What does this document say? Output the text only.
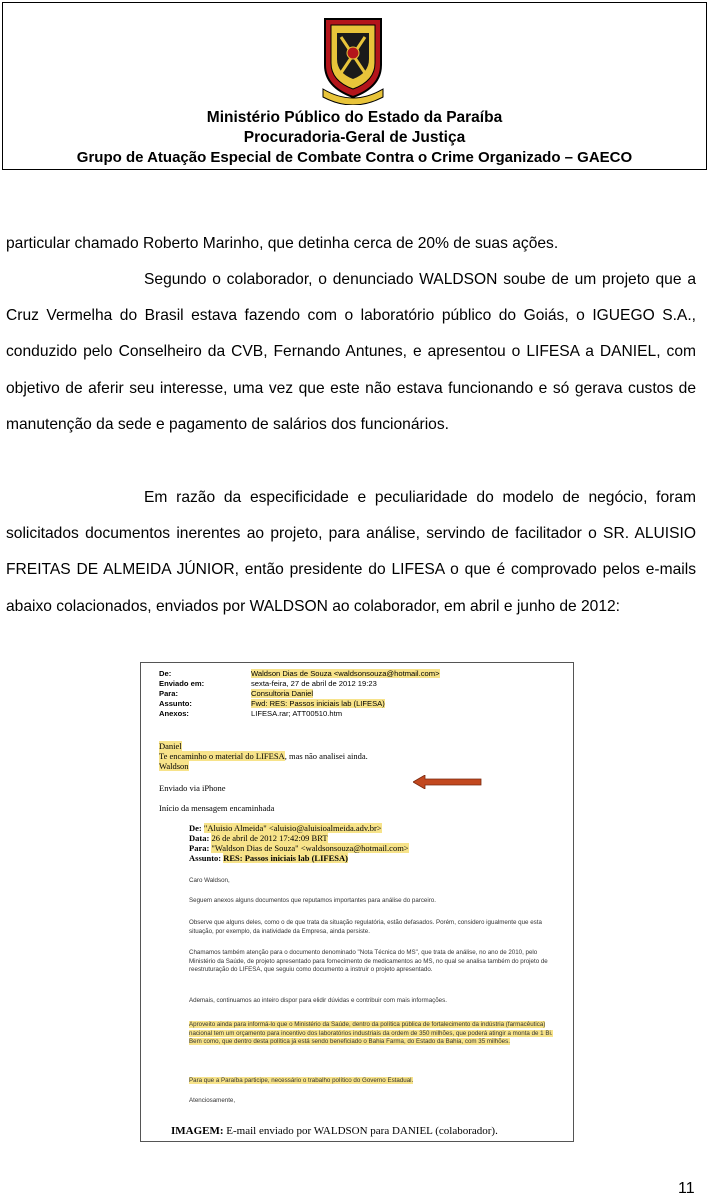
Ministério Público do Estado da Paraíba
Procuradoria-Geral de Justiça
Grupo de Atuação Especial de Combate Contra o Crime Organizado – GAECO

particular chamado Roberto Marinho, que detinha cerca de 20% de suas ações.

Segundo o colaborador, o denunciado WALDSON soube de um projeto que a Cruz Vermelha do Brasil estava fazendo com o laboratório público do Goiás, o IGUEGO S.A., conduzido pelo Conselheiro da CVB, Fernando Antunes, e apresentou o LIFESA a DANIEL, com objetivo de aferir seu interesse, uma vez que este não estava funcionando e só gerava custos de manutenção da sede e pagamento de salários dos funcionários.

Em razão da especificidade e peculiaridade do modelo de negócio, foram solicitados documentos inerentes ao projeto, para análise, servindo de facilitador o SR. ALUISIO FREITAS DE ALMEIDA JÚNIOR, então presidente do LIFESA o que é comprovado pelos e-mails abaixo colacionados, enviados por WALDSON ao colaborador, em abril e junho de 2012:

De:	Waldson Dias de Souza <waldsonsouza@hotmail.com>
Enviado em:	sexta-feira, 27 de abril de 2012 19:23
Para:	Consultoria Daniel
Assunto:	Fwd: RES: Passos iniciais lab (LIFESA)
Anexos:	LIFESA.rar; ATT00510.htm
Daniel
Te encaminho o material do LIFESA, mas não analisei ainda.
Waldson
Enviado via iPhone
Início da mensagem encaminhada
De: "Aluisio Almeida" <aluisio@aluisioalmeida.adv.br>
Data: 26 de abril de 2012 17:42:09 BRT
Para: "Waldson Dias de Souza" <waldsonsouza@hotmail.com>
Assunto: RES: Passos iniciais lab (LIFESA)
Caro Waldson,
Seguem anexos alguns documentos que reputamos importantes para análise do parceiro.
Observe que alguns deles, como o de que trata da situação regulatória, estão defasados. Porém, considero igualmente que esta situação, por exemplo, da inatividade da Empresa, ainda persiste.
Chamamos também atenção para o documento denominado "Nota Técnica do MS", que trata de análise, no ano de 2010, pelo Ministério da Saúde, de projeto apresentado para fornecimento de medicamentos ao MS, no qual se analisa também do projeto de reestruturação do LIFESA, que seguiu como documento a instruir o projeto apresentado.
Ademais, continuamos ao inteiro dispor para elidir dúvidas e contribuir com mais informações.
Aproveito ainda para informá-lo que o Ministério da Saúde, dentro da política pública de fortalecimento da indústria (farmacêutica) nacional tem um orçamento para incentivo dos laboratórios industriais da ordem de 350 milhões, que poderá atingir a monta de 1 Bi. Bem como, que dentro desta política já está sendo beneficiado o Bahia Farma, do Estado da Bahia, com 35 milhões.
Para que a Paraíba participe, necessário o trabalho político do Governo Estadual.
Atenciosamente,
IMAGEM: E-mail enviado por WALDSON para DANIEL (colaborador).
11
